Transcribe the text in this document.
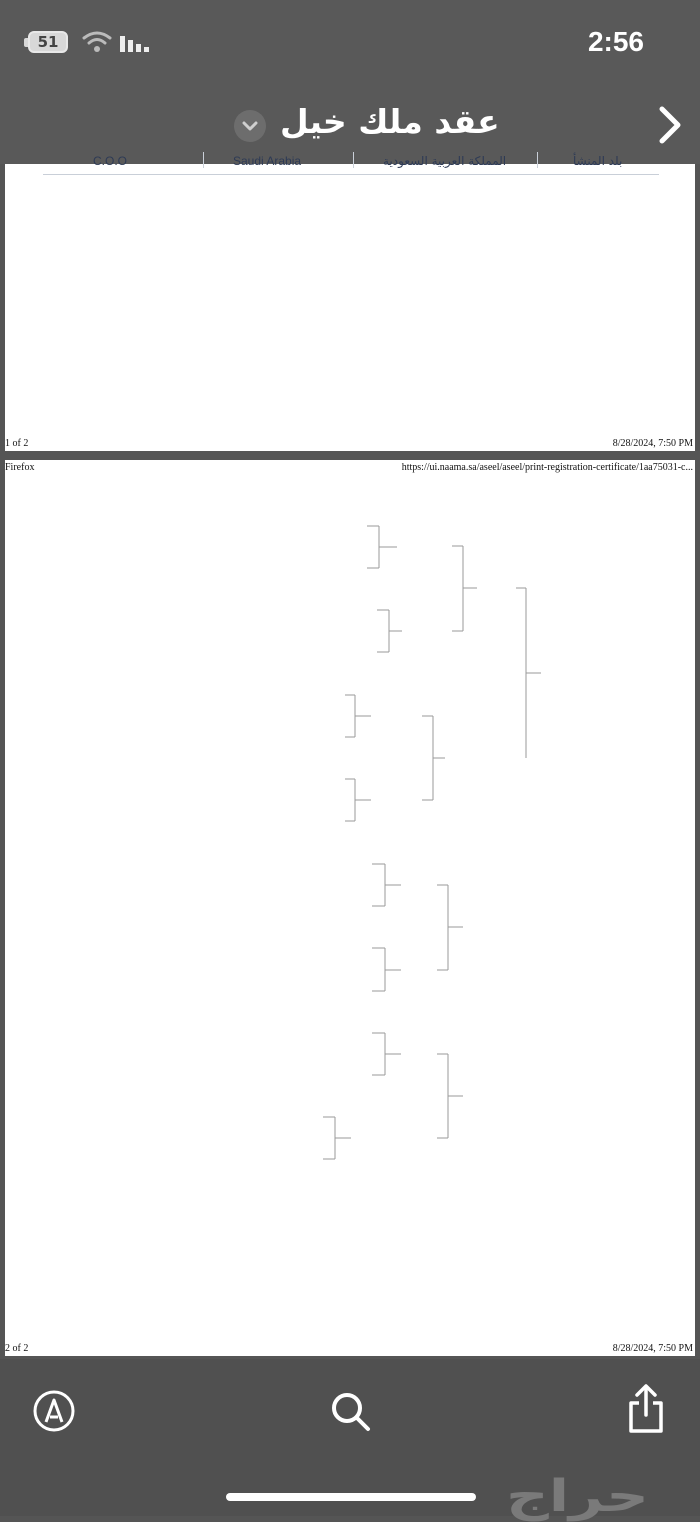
51	2:56
عقد ملك خيل
C.O.O	Saudi Arabia	المملكة العربية السعودية	بلد المنشأ
1 of 2	8/28/2024, 7:50 PM
Firefox	https://ui.naama.sa/aseel/aseel/print-registration-certificate/1aa75031-c...
2 of 2	8/28/2024, 7:50 PM
حراج
